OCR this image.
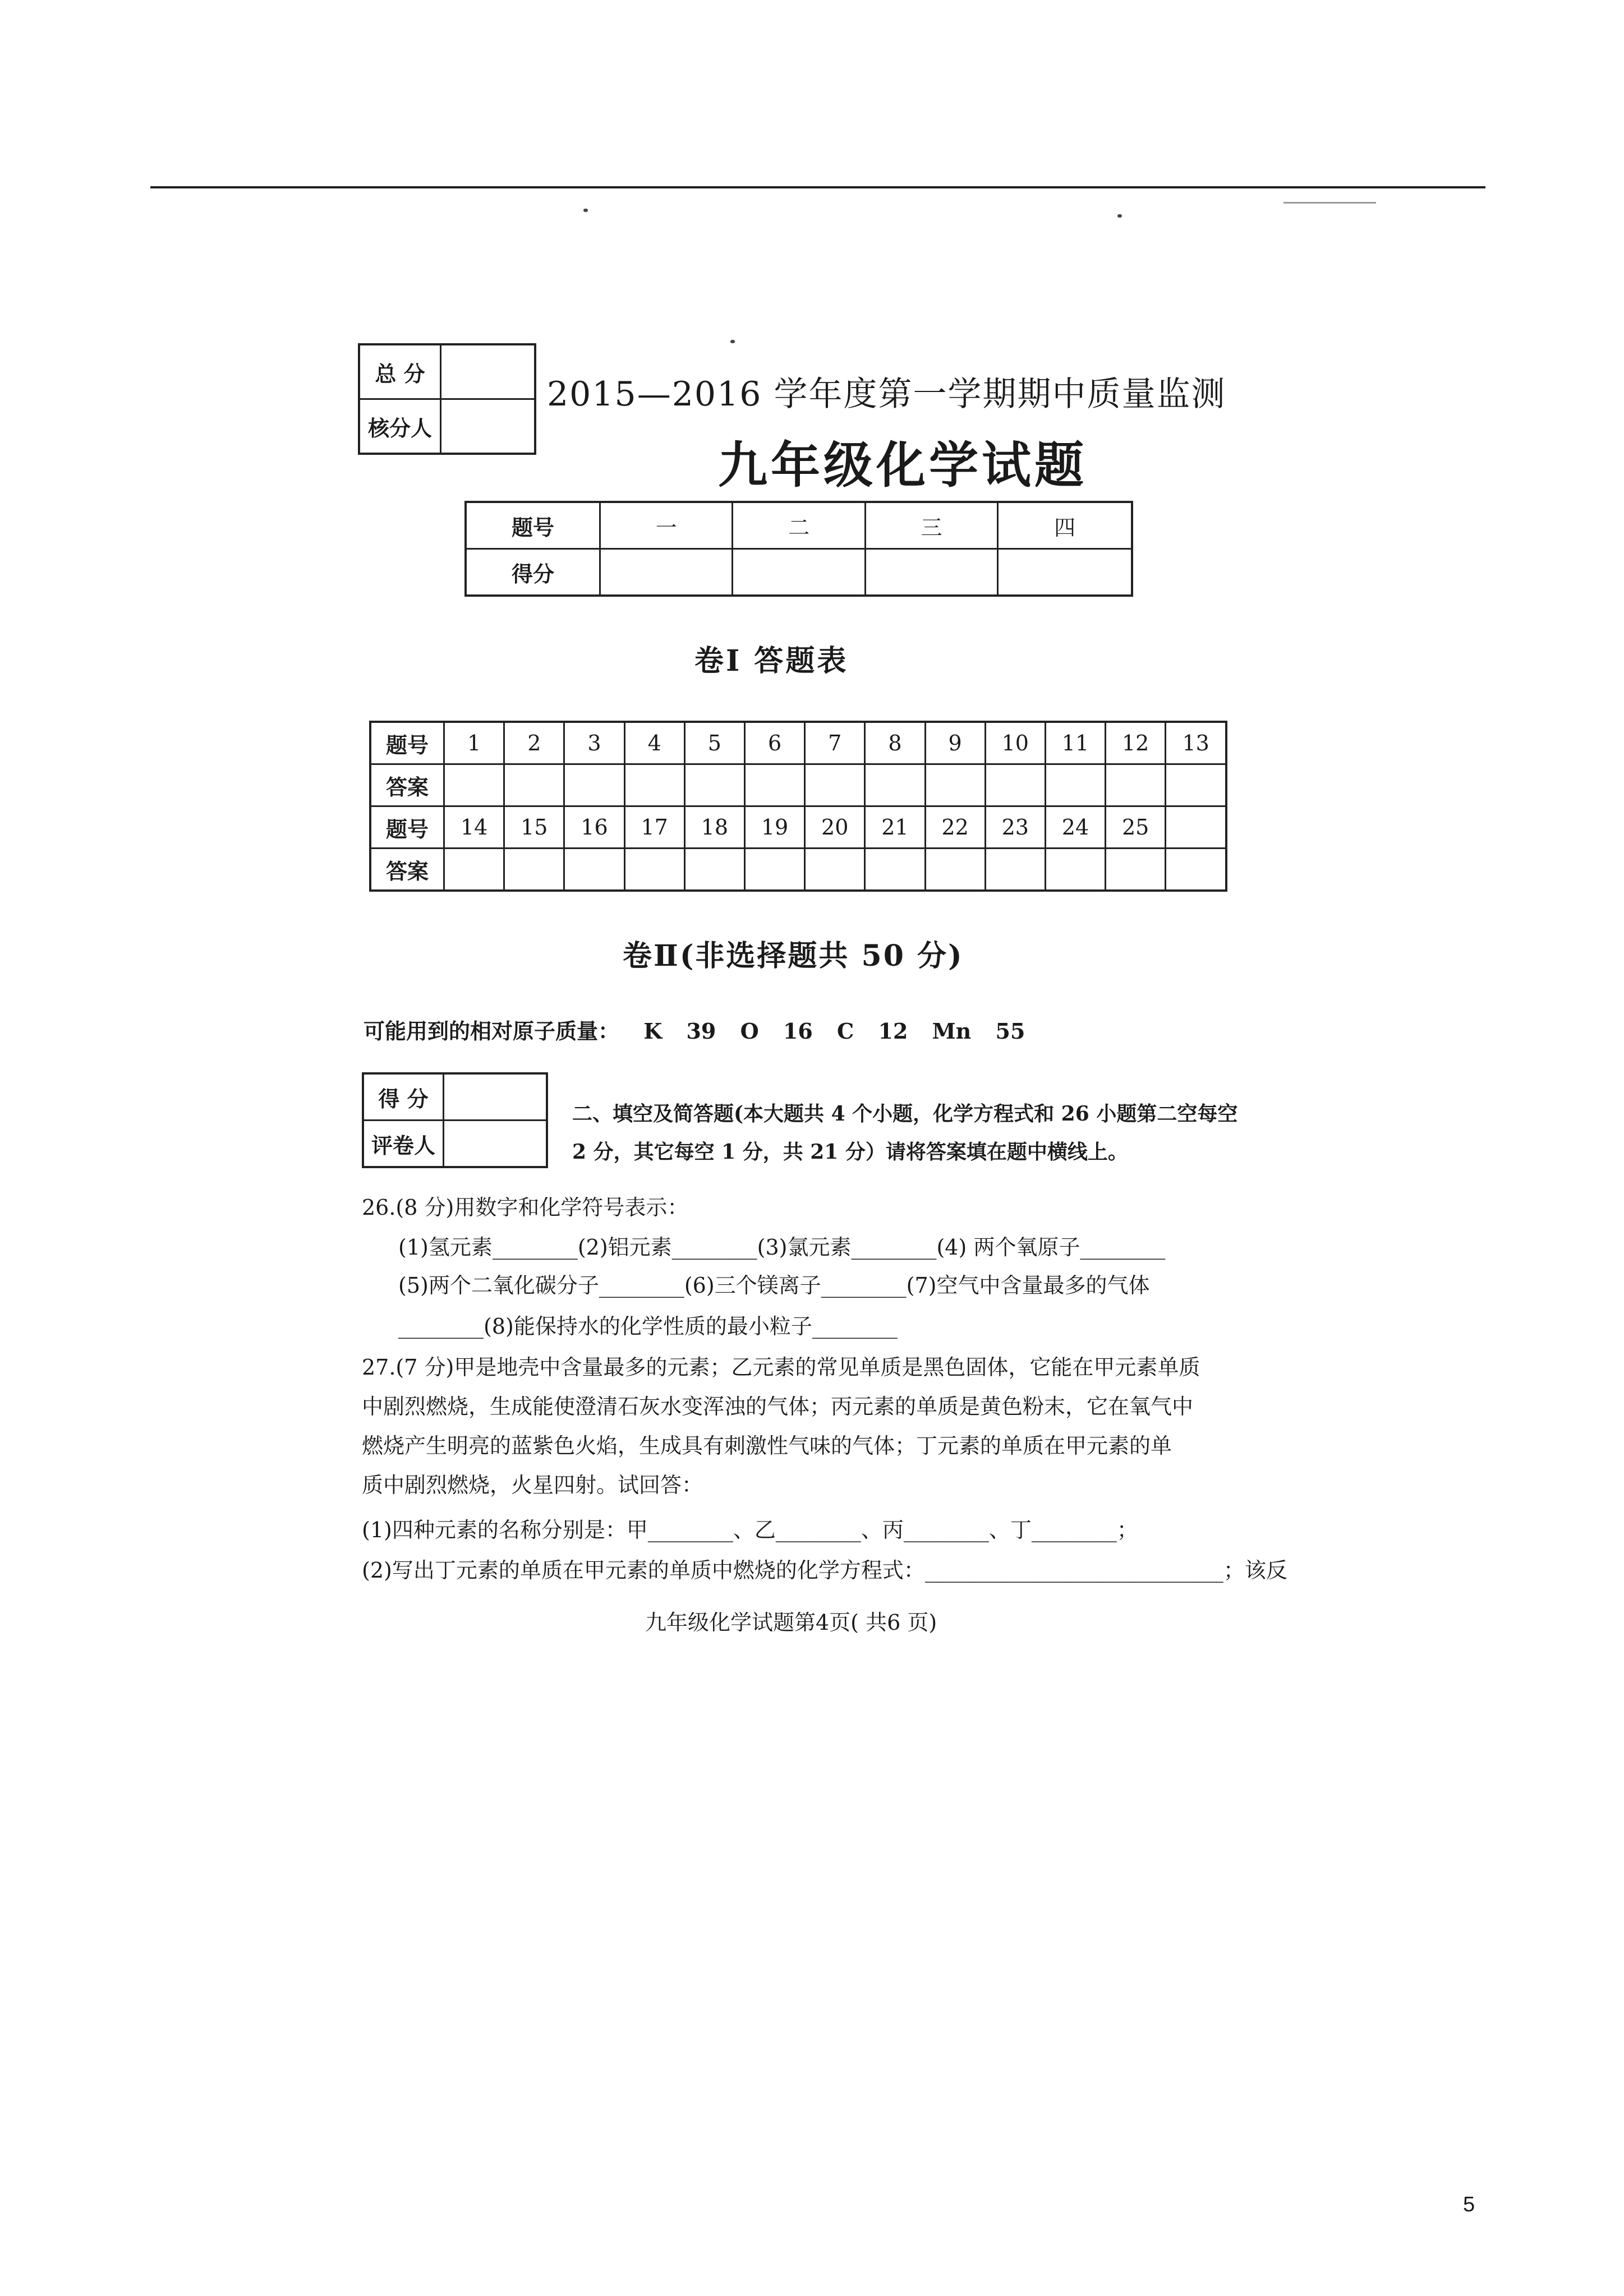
总 分	
核分人	
2015—2016 学年度第一学期期中质量监测
九年级化学试题
题号	一	二	三	四
得分				
卷Ⅰ 答题表
题号	1	2	3	4	5	6	7	8	9	10	11	12	13
答案													
题号	14	15	16	17	18	19	20	21	22	23	24	25	
答案													
卷Ⅱ(非选择题共 50 分)
可能用到的相对原子质量： K 39 O 16 C 12 Mn 55
得 分	
评卷人	
二、填空及简答题(本大题共 4 个小题，化学方程式和 26 小题第二空每空 2 分，其它每空 1 分，共 21 分）请将答案填在题中横线上。
26.(8 分)用数字和化学符号表示：
(1)氢元素________(2)铝元素________(3)氯元素________(4) 两个氧原子________
(5)两个二氧化碳分子________(6)三个镁离子________(7)空气中含量最多的气体
________(8)能保持水的化学性质的最小粒子________
27.(7 分)甲是地壳中含量最多的元素；乙元素的常见单质是黑色固体，它能在甲元素单质
中剧烈燃烧，生成能使澄清石灰水变浑浊的气体；丙元素的单质是黄色粉末，它在氧气中
燃烧产生明亮的蓝紫色火焰，生成具有刺激性气味的气体；丁元素的单质在甲元素的单
质中剧烈燃烧，火星四射。试回答：
(1)四种元素的名称分别是：甲________、乙________、丙________、丁________；
(2)写出丁元素的单质在甲元素的单质中燃烧的化学方程式：____________________________；该反
九年级化学试题第4页( 共6 页)
5
